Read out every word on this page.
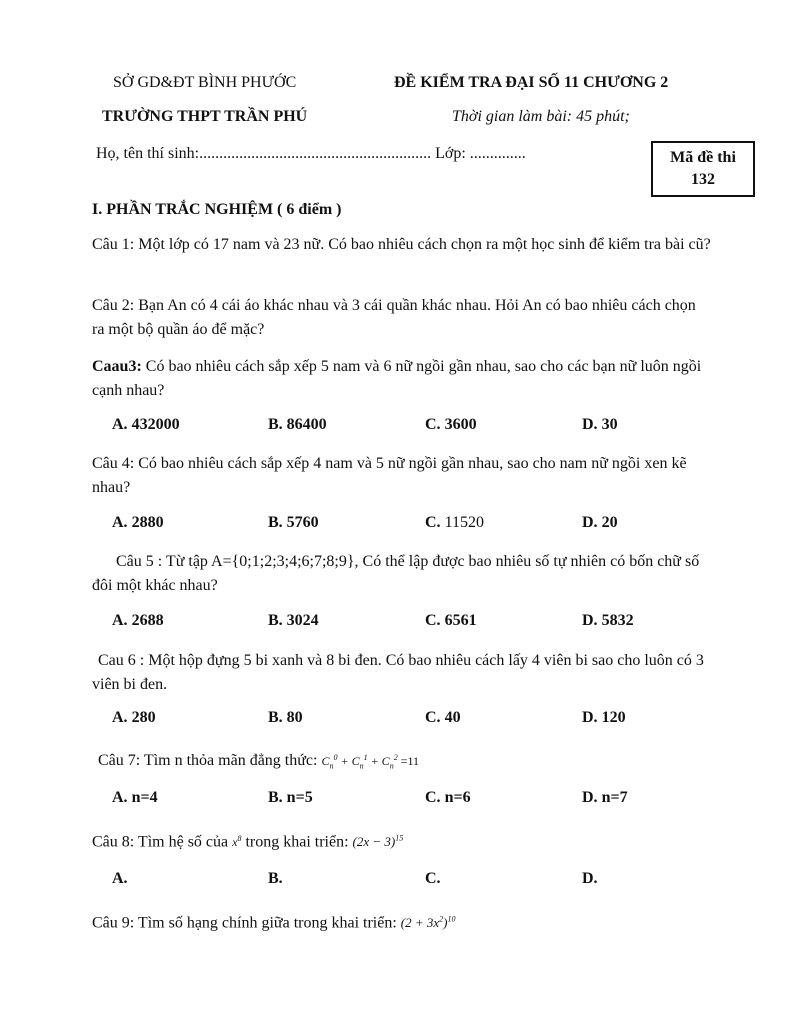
SỞ GD&ĐT BÌNH PHƯỚC	ĐỀ KIỂM TRA ĐẠI SỐ 11 CHƯƠNG 2
TRƯỜNG THPT TRẦN PHÚ	Thời gian làm bài: 45 phút;
Họ, tên thí sinh:.......................................................... Lớp: ..............	Mã đề thi
132
I. PHẦN TRẮC NGHIỆM ( 6 điểm )
Câu 1: Một lớp có 17 nam và 23 nữ. Có bao nhiêu cách chọn ra một học sinh để kiểm tra bài cũ?
Câu 2: Bạn An có 4 cái áo khác nhau và 3 cái quần khác nhau. Hỏi An có bao nhiêu cách chọn ra một bộ quần áo để mặc?
Caau3: Có bao nhiêu cách sắp xếp 5 nam và 6 nữ ngồi gần nhau, sao cho các bạn nữ luôn ngồi cạnh nhau?
A. 432000	B. 86400	C. 3600	D. 30
Câu 4: Có bao nhiêu cách sắp xếp 4 nam và 5 nữ ngồi gần nhau, sao cho nam nữ ngồi xen kẽ nhau?
A. 2880	B. 5760	C. 11520	D. 20
Câu 5 : Từ tập A={0;1;2;3;4;6;7;8;9}, Có thể lập được bao nhiêu số tự nhiên có bốn chữ số đôi một khác nhau?
A. 2688	B. 3024	C. 6561	D. 5832
Cau 6 : Một hộp đựng 5 bi xanh và 8 bi đen. Có bao nhiêu cách lấy 4 viên bi sao cho luôn có 3 viên bi đen.
A. 280	B. 80	C. 40	D. 120
Câu 7: Tìm n thỏa mãn đẳng thức: $C_n^0 + C_n^1 + C_n^2 =11$
A. n=4	B. n=5	C. n=6	D. n=7
Câu 8: Tìm hệ số của $x^8$ trong khai triển: $(2x - 3)^{15}$
A.	B.	C.	D.
Câu 9: Tìm số hạng chính giữa trong khai triển: $(2 + 3x^2)^{10}$
